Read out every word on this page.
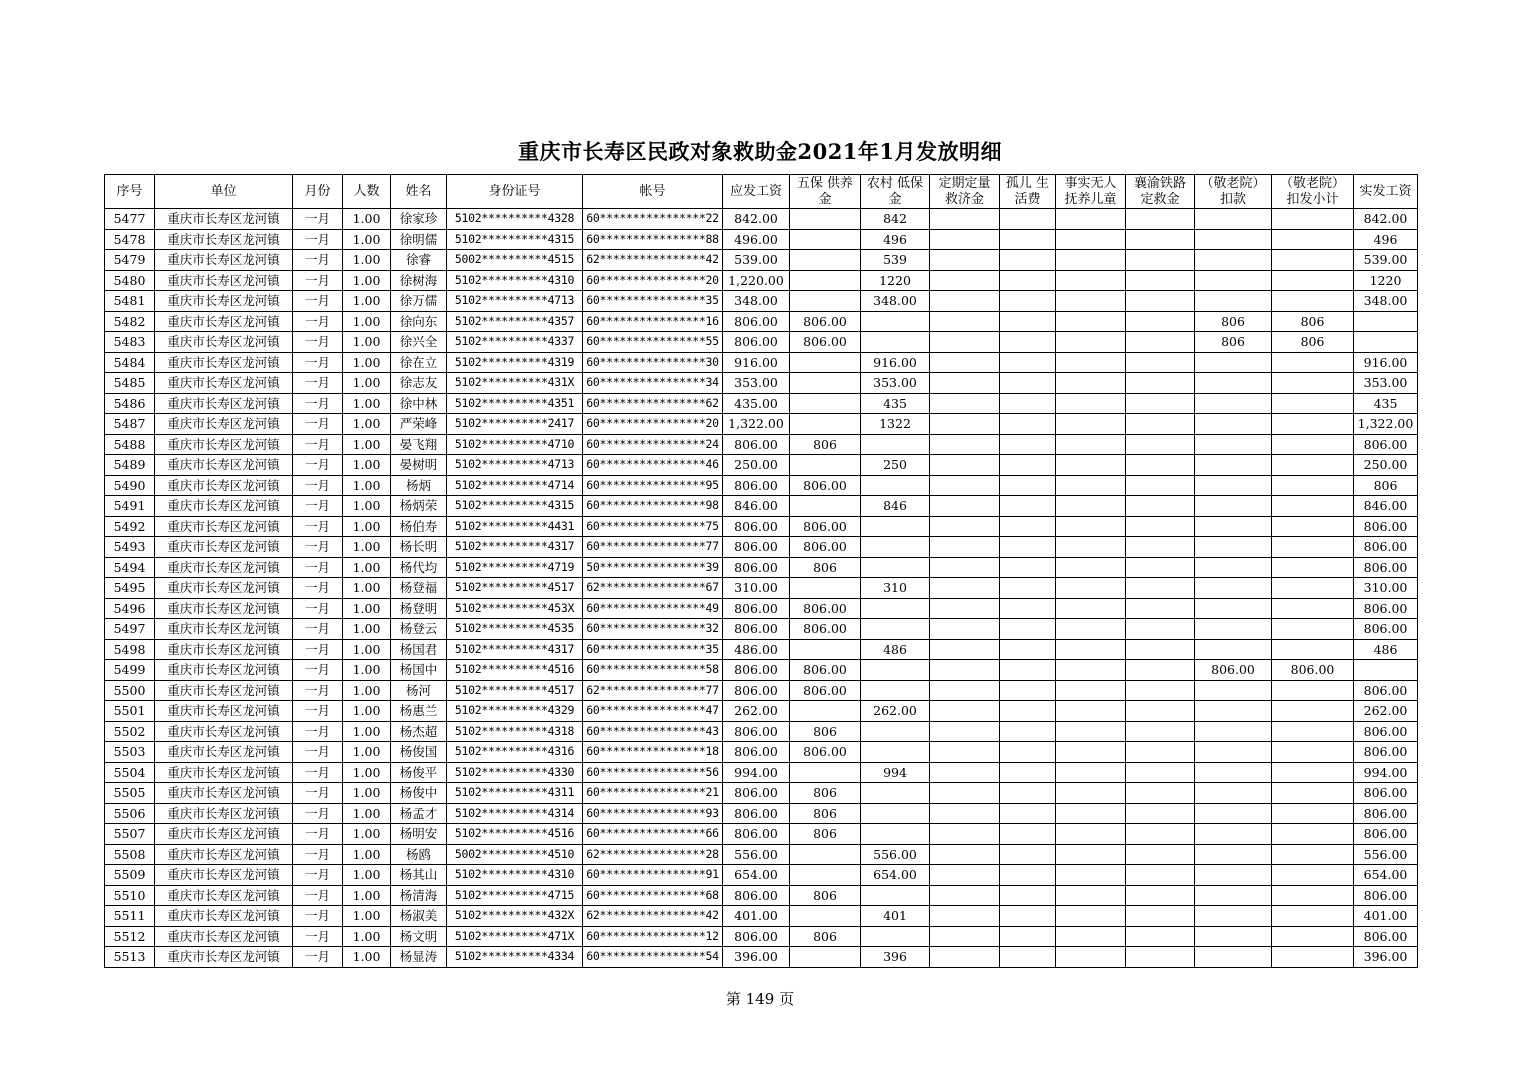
重庆市长寿区民政对象救助金2021年1月发放明细
序号	单位	月份	人数	姓名	身份证号	帐号	应发工资	五保 供养金	农村 低保金	定期定量 救济金	孤儿 生活费	事实无人 抚养儿童	襄渝铁路 定救金	（敬老院） 扣款	（敬老院） 扣发小计	实发工资
5477	重庆市长寿区龙河镇	一月	1.00	徐家珍	5102**********4328	60****************22	842.00		842							842.00
5478	重庆市长寿区龙河镇	一月	1.00	徐明儒	5102**********4315	60****************88	496.00		496							496
5479	重庆市长寿区龙河镇	一月	1.00	徐睿	5002**********4515	62****************42	539.00		539							539.00
5480	重庆市长寿区龙河镇	一月	1.00	徐树海	5102**********4310	60****************20	1,220.00		1220							1220
5481	重庆市长寿区龙河镇	一月	1.00	徐万儒	5102**********4713	60****************35	348.00		348.00							348.00
5482	重庆市长寿区龙河镇	一月	1.00	徐向东	5102**********4357	60****************16	806.00	806.00						806	806	
5483	重庆市长寿区龙河镇	一月	1.00	徐兴全	5102**********4337	60****************55	806.00	806.00						806	806	
5484	重庆市长寿区龙河镇	一月	1.00	徐在立	5102**********4319	60****************30	916.00		916.00							916.00
5485	重庆市长寿区龙河镇	一月	1.00	徐志友	5102**********431X	60****************34	353.00		353.00							353.00
5486	重庆市长寿区龙河镇	一月	1.00	徐中林	5102**********4351	60****************62	435.00		435							435
5487	重庆市长寿区龙河镇	一月	1.00	严荣峰	5102**********2417	60****************20	1,322.00		1322							1,322.00
5488	重庆市长寿区龙河镇	一月	1.00	晏飞翔	5102**********4710	60****************24	806.00	806								806.00
5489	重庆市长寿区龙河镇	一月	1.00	晏树明	5102**********4713	60****************46	250.00		250							250.00
5490	重庆市长寿区龙河镇	一月	1.00	杨炳	5102**********4714	60****************95	806.00	806.00								806
5491	重庆市长寿区龙河镇	一月	1.00	杨炳荣	5102**********4315	60****************98	846.00		846							846.00
5492	重庆市长寿区龙河镇	一月	1.00	杨伯寿	5102**********4431	60****************75	806.00	806.00								806.00
5493	重庆市长寿区龙河镇	一月	1.00	杨长明	5102**********4317	60****************77	806.00	806.00								806.00
5494	重庆市长寿区龙河镇	一月	1.00	杨代均	5102**********4719	50****************39	806.00	806								806.00
5495	重庆市长寿区龙河镇	一月	1.00	杨登福	5102**********4517	62****************67	310.00		310							310.00
5496	重庆市长寿区龙河镇	一月	1.00	杨登明	5102**********453X	60****************49	806.00	806.00								806.00
5497	重庆市长寿区龙河镇	一月	1.00	杨登云	5102**********4535	60****************32	806.00	806.00								806.00
5498	重庆市长寿区龙河镇	一月	1.00	杨国君	5102**********4317	60****************35	486.00		486							486
5499	重庆市长寿区龙河镇	一月	1.00	杨国中	5102**********4516	60****************58	806.00	806.00						806.00	806.00	
5500	重庆市长寿区龙河镇	一月	1.00	杨河	5102**********4517	62****************77	806.00	806.00								806.00
5501	重庆市长寿区龙河镇	一月	1.00	杨惠兰	5102**********4329	60****************47	262.00		262.00							262.00
5502	重庆市长寿区龙河镇	一月	1.00	杨杰超	5102**********4318	60****************43	806.00	806								806.00
5503	重庆市长寿区龙河镇	一月	1.00	杨俊国	5102**********4316	60****************18	806.00	806.00								806.00
5504	重庆市长寿区龙河镇	一月	1.00	杨俊平	5102**********4330	60****************56	994.00		994							994.00
5505	重庆市长寿区龙河镇	一月	1.00	杨俊中	5102**********4311	60****************21	806.00	806								806.00
5506	重庆市长寿区龙河镇	一月	1.00	杨孟才	5102**********4314	60****************93	806.00	806								806.00
5507	重庆市长寿区龙河镇	一月	1.00	杨明安	5102**********4516	60****************66	806.00	806								806.00
5508	重庆市长寿区龙河镇	一月	1.00	杨鸥	5002**********4510	62****************28	556.00		556.00							556.00
5509	重庆市长寿区龙河镇	一月	1.00	杨其山	5102**********4310	60****************91	654.00		654.00							654.00
5510	重庆市长寿区龙河镇	一月	1.00	杨清海	5102**********4715	60****************68	806.00	806								806.00
5511	重庆市长寿区龙河镇	一月	1.00	杨淑美	5102**********432X	62****************42	401.00		401							401.00
5512	重庆市长寿区龙河镇	一月	1.00	杨文明	5102**********471X	60****************12	806.00	806								806.00
5513	重庆市长寿区龙河镇	一月	1.00	杨显涛	5102**********4334	60****************54	396.00		396							396.00
第 149 页
